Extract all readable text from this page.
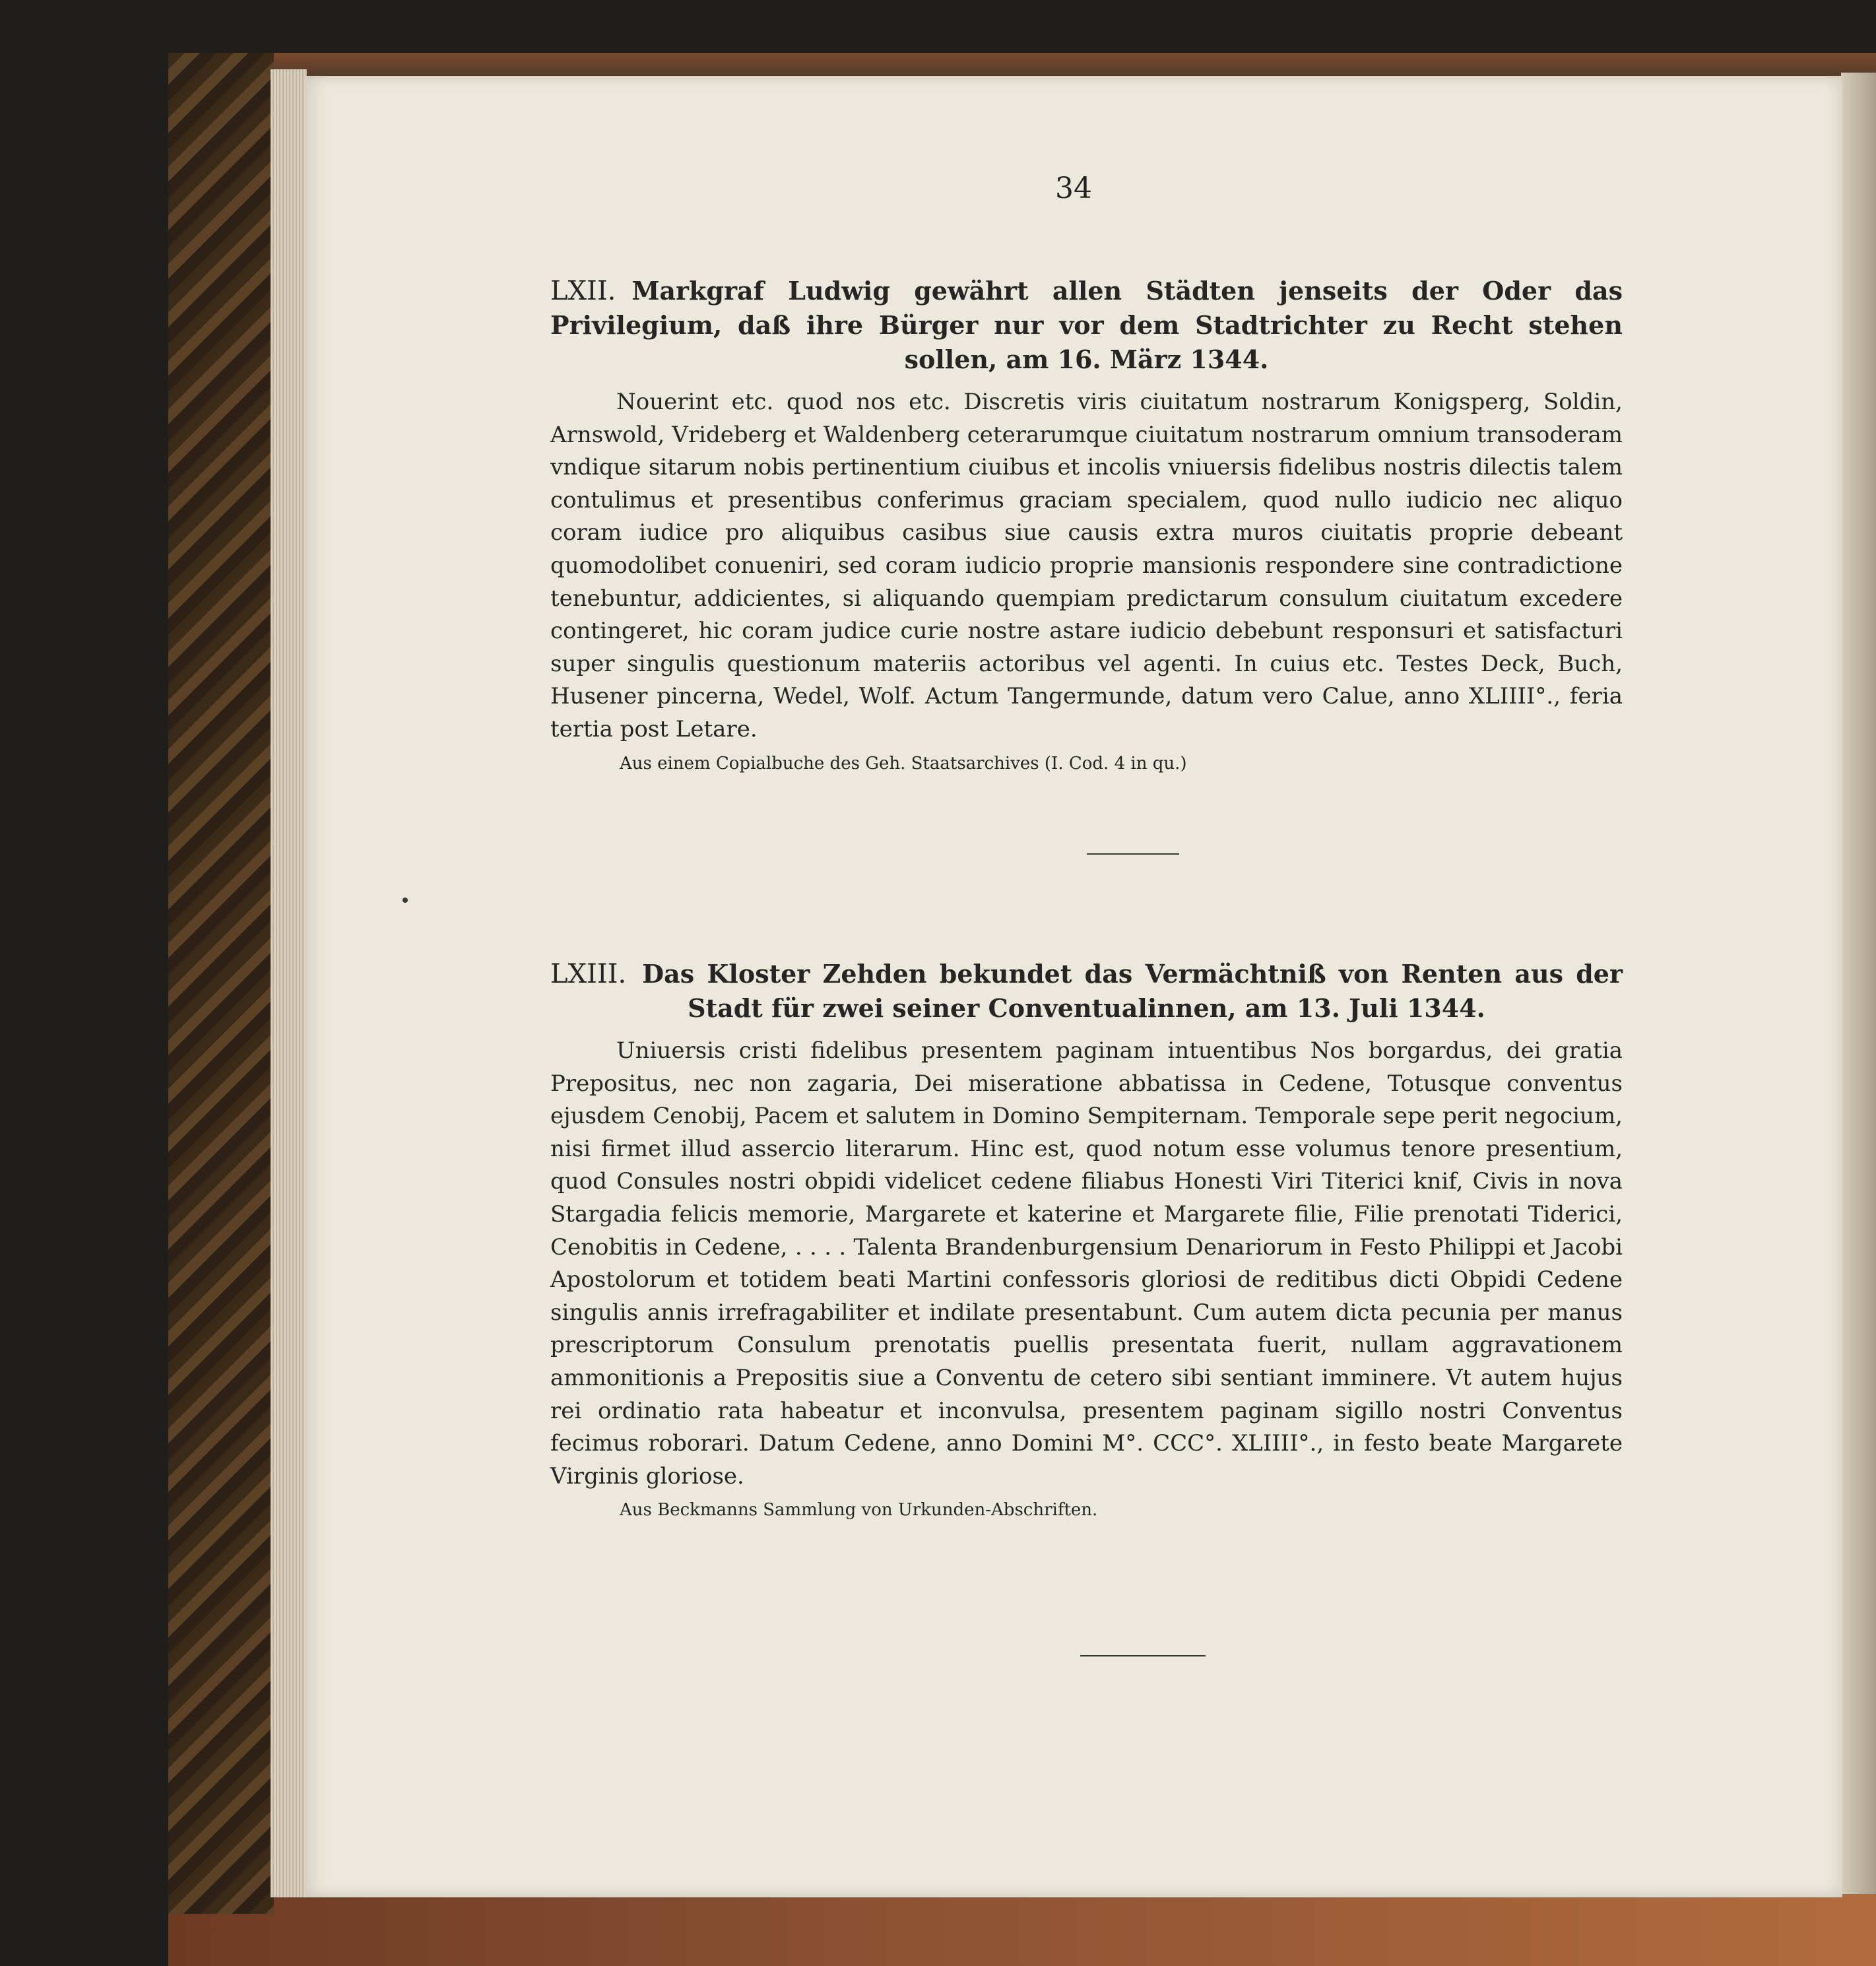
34

LXII. Markgraf Ludwig gewährt allen Städten jenseits der Oder das Privilegium, daß ihre Bürger nur vor dem Stadtrichter zu Recht stehen sollen, am 16. März 1344.

Nouerint etc. quod nos etc. Discretis viris ciuitatum nostrarum Konigsperg, Soldin, Arnswold, Vrideberg et Waldenberg ceterarumque ciuitatum nostrarum omnium transoderam vndique sitarum nobis pertinentium ciuibus et incolis vniuersis fidelibus nostris dilectis talem contulimus et presentibus conferimus graciam specialem, quod nullo iudicio nec aliquo coram iudice pro aliquibus casibus siue causis extra muros ciuitatis proprie debeant quomodolibet conueniri, sed coram iudicio proprie mansionis respondere sine contradictione tenebuntur, addicientes, si aliquando quempiam predictarum consulum ciuitatum excedere contingeret, hic coram judice curie nostre astare iudicio debebunt responsuri et satisfacturi super singulis questionum materiis actoribus vel agenti. In cuius etc. Testes Deck, Buch, Husener pincerna, Wedel, Wolf. Actum Tangermunde, datum vero Calue, anno XLIIII°., feria tertia post Letare.

Aus einem Copialbuche des Geh. Staatsarchives (I. Cod. 4 in qu.)

LXIII. Das Kloster Zehden bekundet das Vermächtniß von Renten aus der Stadt für zwei seiner Conventualinnen, am 13. Juli 1344.

Uniuersis cristi fidelibus presentem paginam intuentibus Nos borgardus, dei gratia Prepositus, nec non zagaria, Dei miseratione abbatissa in Cedene, Totusque conventus ejusdem Cenobij, Pacem et salutem in Domino Sempiternam. Temporale sepe perit negocium, nisi firmet illud assercio literarum. Hinc est, quod notum esse volumus tenore presentium, quod Consules nostri obpidi videlicet cedene filiabus Honesti Viri Titerici knif, Civis in nova Stargadia felicis memorie, Margarete et katerine et Margarete filie, Filie prenotati Tiderici, Cenobitis in Cedene, . . . . Talenta Brandenburgensium Denariorum in Festo Philippi et Jacobi Apostolorum et totidem beati Martini confessoris gloriosi de reditibus dicti Obpidi Cedene singulis annis irrefragabiliter et indilate presentabunt. Cum autem dicta pecunia per manus prescriptorum Consulum prenotatis puellis presentata fuerit, nullam aggravationem ammonitionis a Prepositis siue a Conventu de cetero sibi sentiant imminere. Vt autem hujus rei ordinatio rata habeatur et inconvulsa, presentem paginam sigillo nostri Conventus fecimus roborari. Datum Cedene, anno Domini M°. CCC°. XLIIII°., in festo beate Margarete Virginis gloriose.

Aus Beckmanns Sammlung von Urkunden-Abschriften.
